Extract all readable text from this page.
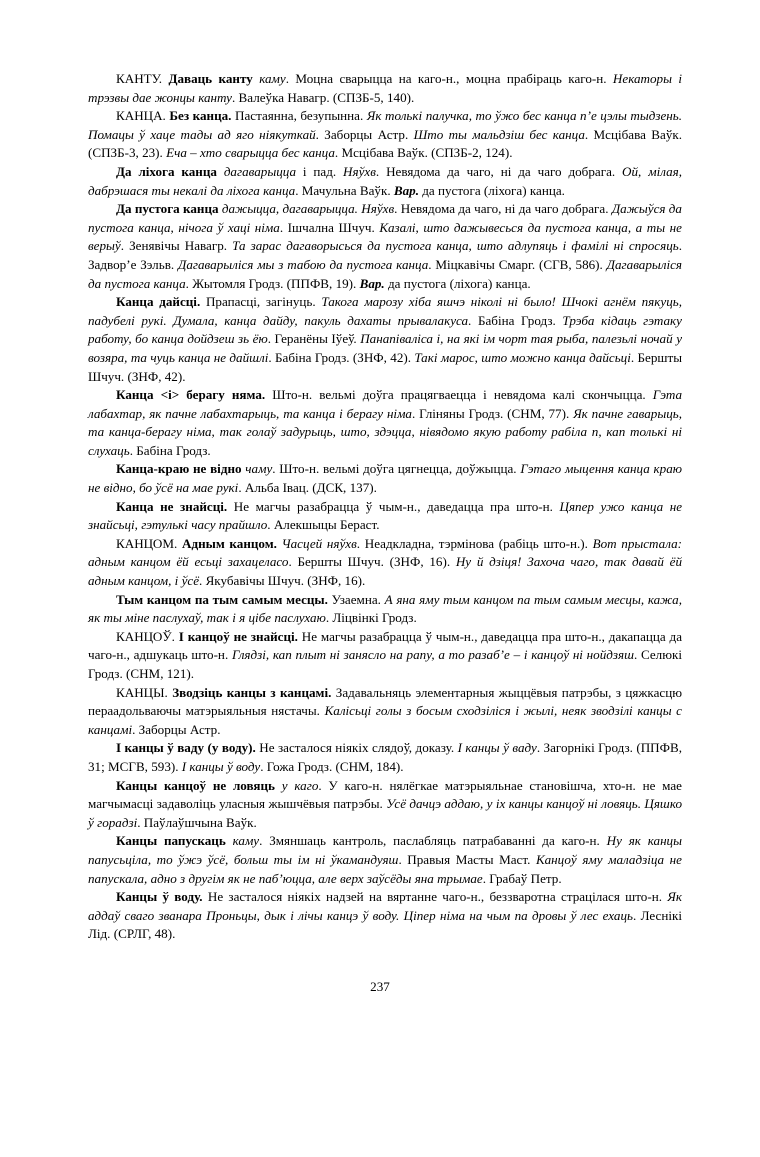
КАНТУ. Даваць канту каму. Моцна сварыцца на каго-н., моцна прабіраць каго-н. Некаторы і трэзвы дае жонцы канту. Валеўка Навагр. (СПЗБ-5, 140).

КАНЦА. Без канца. Пастаянна, безупынна. Як толькі палучка, то ўжо бес канца п’е цэлы тыдзень. Помацы ў хаце тады ад яго ніякуткай. Заборцы Астр. Што ты мальдзіш бес канца. Мсцібава Ваўк. (СПЗБ-3, 23). Еча – хто сварыцца бес канца. Мсцібава Ваўк. (СПЗБ-2, 124).

Да ліхога канца дагаварыцца і пад. Няўхв. Невядома да чаго, ні да чаго добрага. Ой, мілая, дабрэшася ты некалі да ліхога канца. Мачульна Ваўк. Вар. да пустога (ліхога) канца.

Да пустога канца дажыцца, дагаварыцца. Няўхв. Невядома да чаго, ні да чаго добрага. Дажыўся да пустога канца, нічога ў хаці німа. Ішчална Шчуч. Казалі, што дажывесься да пустога канца, а ты не верыў. Зенявічы Навагр. Та зарас дагаворысься да пустога канца, што адлупяць і фамілі ні спросяць. Задвор’е Зэльв. Дагаварыліся мы з табою да пустога канца. Міцкавічы Смарг. (СГВ, 586). Дагаварыліся да пустога канца. Жытомля Гродз. (ППФВ, 19). Вар. да пустога (ліхога) канца.

Канца дайсці. Прапасці, загінуць. Такога марозу хіба яшчэ ніколі ні было! Шчокі агнём пякуць, падубелі рукі. Думала, канца дайду, пакуль дахаты прывалакуса. Бабіна Гродз. Трэба кідаць гэтаку работу, бо канца дойдзеш зь ёю. Геранёны Іўеў. Панапіваліса і, на які ім чорт тая рыба, палезьлі ночай у возяра, та чуць канца не дайшлі. Бабіна Гродз. (ЗНФ, 42). Такі марос, што можно канца дайсьці. Бершты Шчуч. (ЗНФ, 42).

Канца <і> берагу няма. Што-н. вельмі доўга працягваецца і невядома калі скончыцца. Гэта лабахтар, як пачне лабахтарыць, та канца і берагу німа. Гліняны Гродз. (СНМ, 77). Як пачне гаварыць, та канца-берагу німа, так голаў задурыць, што, здэцца, нівядомо якую работу рабіла п, кап толькі ні слухаць. Бабіна Гродз.

Канца-краю не відно чаму. Што-н. вельмі доўга цягнецца, доўжыцца. Гэтаго мыцення канца краю не відно, бо ўсё на мае рукі. Альба Івац. (ДСК, 137).

Канца не знайсці. Не магчы разабрацца ў чым-н., даведацца пра што-н. Цяпер ужо канца не знайсьці, гэтулькі часу прайшло. Алекшыцы Бераст.

КАНЦОМ. Адным канцом. Часцей няўхв. Неадкладна, тэрмінова (рабіць што-н.). Вот прыстала: адным канцом ёй есьці захацеласо. Бершты Шчуч. (ЗНФ, 16). Ну й дзіця! Захоча чаго, так давай ёй адным канцом, і ўсё. Якубавічы Шчуч. (ЗНФ, 16).

Тым канцом па тым самым месцы. Узаемна. А яна яму тым канцом па тым самым месцы, кажа, як ты міне паслухаў, так і я цібе паслухаю. Ліцвінкі Гродз.

КАНЦОЎ. І канцоў не знайсці. Не магчы разабрацца ў чым-н., даведацца пра што-н., дакапацца да чаго-н., адшукаць што-н. Глядзі, кап плыт ні занясло на рапу, а то разаб’е – і канцоў ні нойдзяш. Селюкі Гродз. (СНМ, 121).

КАНЦЫ. Зводзіць канцы з канцамі. Задавальняць элементарныя жыццёвыя патрэбы, з цяжкасцю пераадольваючы матэрыяльныя нястачы. Калісьці голы з босым сходзіліся і жылі, неяк зводзілі канцы с канцамі. Заборцы Астр.

І канцы ў ваду (у воду). Не засталося ніякіх слядоў, доказу. І канцы ў ваду. Загорнікі Гродз. (ППФВ, 31; МСГВ, 593). І канцы ў воду. Гожа Гродз. (СНМ, 184).

Канцы канцоў не ловяць у каго. У каго-н. нялёгкае матэрыяльнае становішча, хто-н. не мае магчымасці задаволіць уласныя жышчёвыя патрэбы. Усё дачцэ аддаю, у іх канцы канцоў ні ловяць. Цяшко ў горадзі. Паўлаўшчына Ваўк.

Канцы папускаць каму. Змяншаць кантроль, паслабляць патрабаванні да каго-н. Ну як канцы папусьціла, то ўжэ ўсё, больш ты ім ні ўкамандуяш. Правыя Масты Маст. Канцоў яму маладзіца не папускала, адно з другім як не паб’юцца, але верх заўсёды яна трымае. Грабаў Петр.

Канцы ў воду. Не засталося ніякіх надзей на вяртанне чаго-н., беззваротна страцілася што-н. Як аддаў сваго званара Проньцы, дык і лічы канцэ ў воду. Ціпер німа на чым па дровы ў лес ехаць. Леснікі Лід. (СРЛГ, 48).

237
